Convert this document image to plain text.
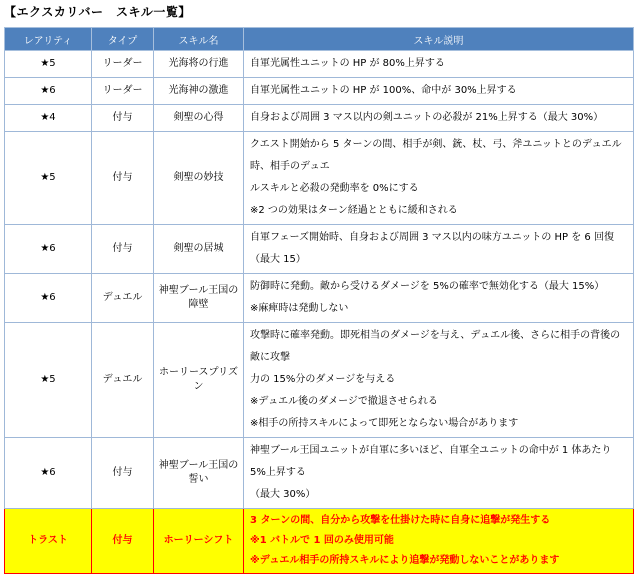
【エクスカリバー　スキル一覧】
レアリティ	タイプ	スキル名	スキル説明
★5	リーダー	光海将の行進	自軍光属性ユニットの HP が 80%上昇する

★6	リーダー	光海神の激進	自軍光属性ユニットの HP が 100%、命中が 30%上昇する

★4	付与	剣聖の心得	自身および周囲 3 マス以内の剣ユニットの必殺が 21%上昇する（最大 30%）

★5	付与	剣聖の妙技	クエスト開始から 5 ターンの間、相手が剣、銃、杖、弓、斧ユニットとのデュエル時、相手のデュエ
ルスキルと必殺の発動率を 0%にする
※2 つの効果はターン経過とともに緩和される

★6	付与	剣聖の居城	自軍フェーズ開始時、自身および周囲 3 マス以内の味方ユニットの HP を 6 回復（最大 15）

★6	デュエル	神聖ブール王国の障壁	防御時に発動。敵から受けるダメージを 5%の確率で無効化する（最大 15%）
※麻痺時は発動しない

★5	デュエル	ホーリースプリズン	攻撃時に確率発動。即死相当のダメージを与え、デュエル後、さらに相手の背後の敵に攻撃
力の 15%分のダメージを与える
※デュエル後のダメージで撤退させられる
※相手の所持スキルによって即死とならない場合があります

★6	付与	神聖ブール王国の誓い	神聖ブール王国ユニットが自軍に多いほど、自軍全ユニットの命中が 1 体あたり 5%上昇する
（最大 30%）

トラスト	付与	ホーリーシフト	3 ターンの間、自分から攻撃を仕掛けた時に自身に追撃が発生する
※1 バトルで 1 回のみ使用可能
※デュエル相手の所持スキルにより追撃が発動しないことがあります
